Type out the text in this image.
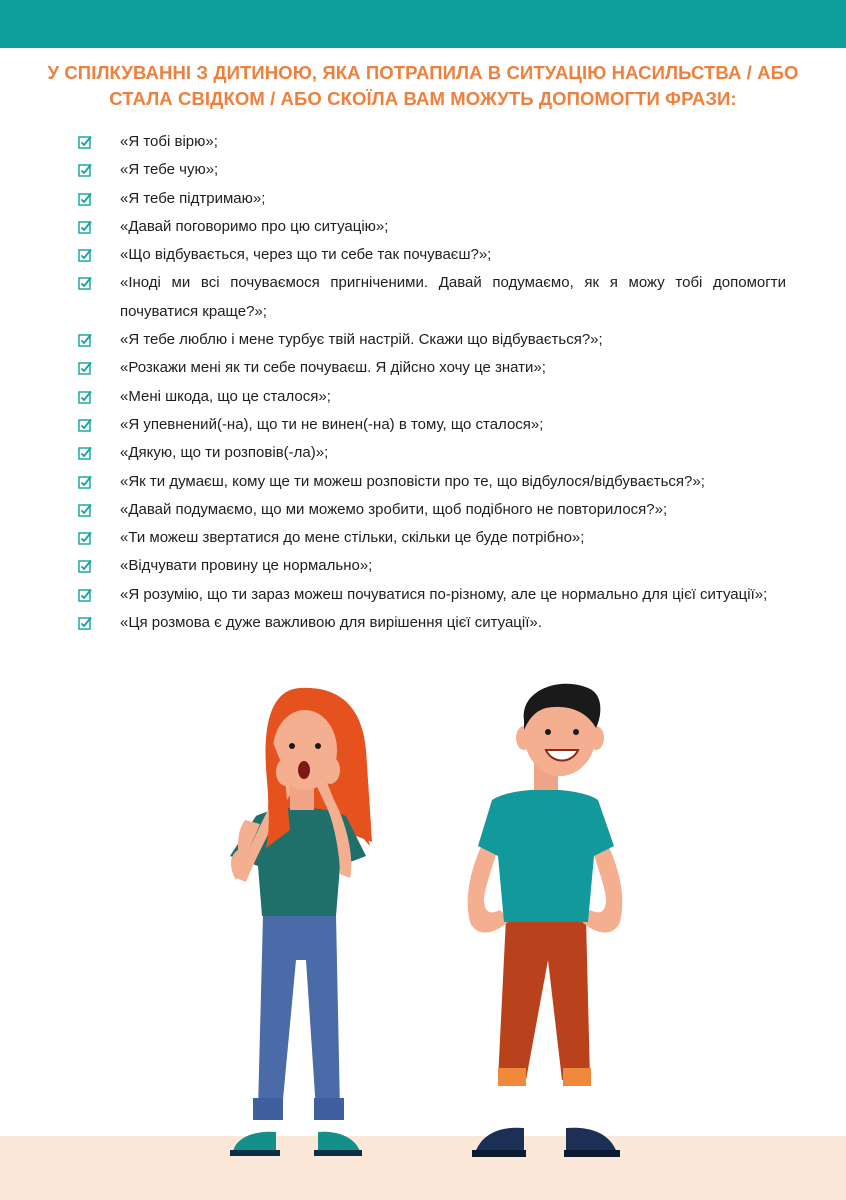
У СПІЛКУВАННІ З ДИТИНОЮ, ЯКА ПОТРАПИЛА В СИТУАЦІЮ НАСИЛЬСТВА / АБО
СТАЛА СВІДКОМ / АБО СКОЇЛА ВАМ МОЖУТЬ ДОПОМОГТИ ФРАЗИ:
«Я тобі вірю»;
«Я тебе чую»;
«Я тебе підтримаю»;
«Давай поговоримо про цю ситуацію»;
«Що відбувається, через що ти себе так почуваєш?»;
«Іноді ми всі почуваємося пригніченими. Давай подумаємо, як я можу тобі допомогти почуватися краще?»;
«Я тебе люблю і мене турбує твій настрій. Скажи що відбувається?»;
«Розкажи мені як ти себе почуваєш. Я дійсно хочу це знати»;
«Мені шкода, що це сталося»;
«Я упевнений(-на), що ти не винен(-на) в тому, що сталося»;
«Дякую, що ти розповів(-ла)»;
«Як ти думаєш, кому ще ти можеш розповісти про те, що відбулося/відбувається?»;
«Давай подумаємо, що ми можемо зробити, щоб подібного не повторилося?»;
«Ти можеш звертатися до мене стільки, скільки це буде потрібно»;
«Відчувати провину це нормально»;
«Я розумію, що ти зараз можеш почуватися по-різному, але це нормально для цієї ситуації»;
«Ця розмова є дуже важливою для вирішення цієї ситуації».
